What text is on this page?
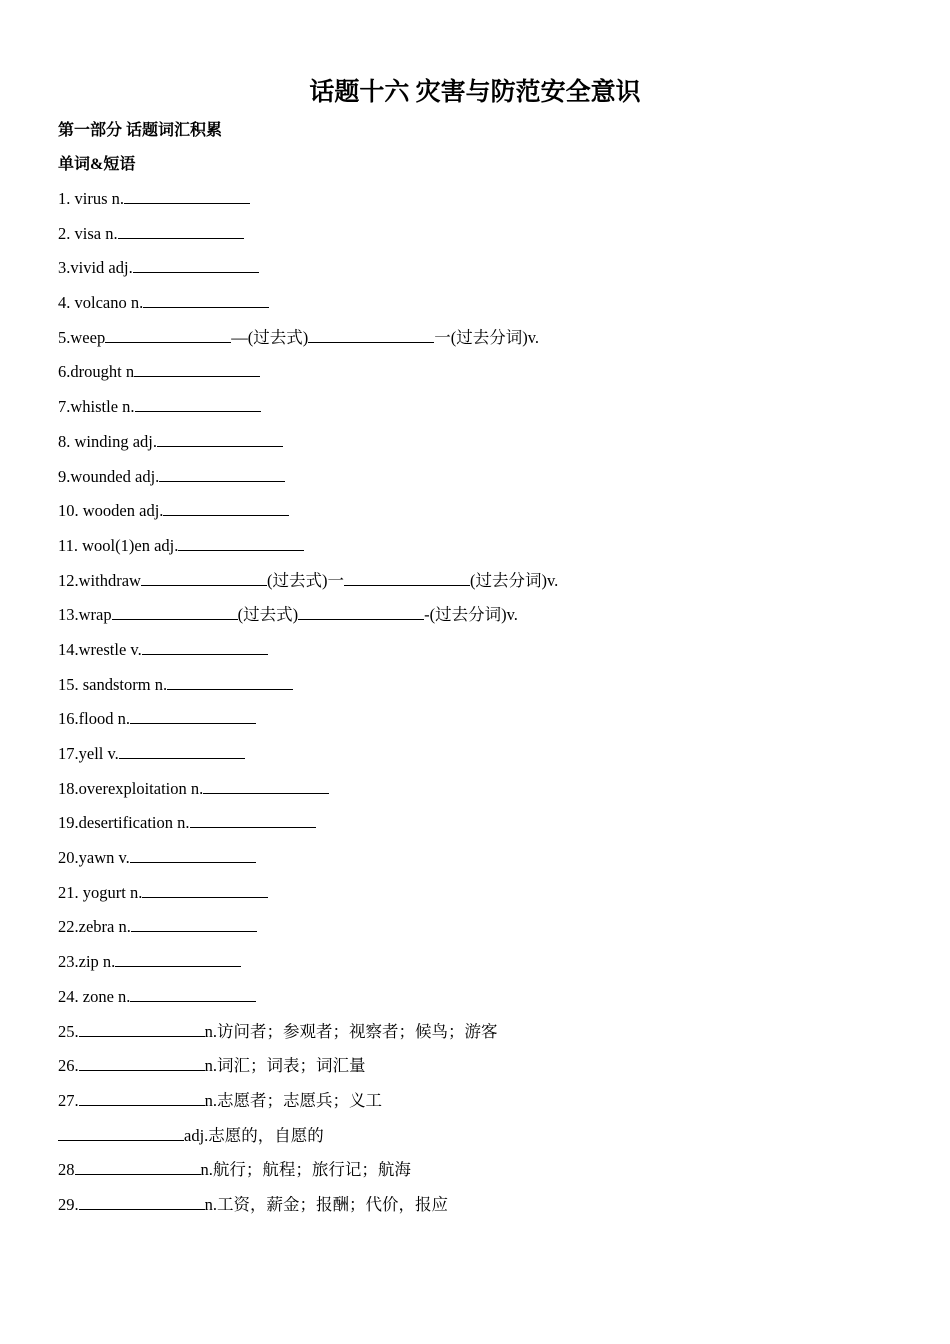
话题十六 灾害与防范安全意识
第一部分 话题词汇积累
单词&短语
1. virus n.
2. visa n.
3.vivid adj.
4. volcano n.
5.weep	—(过去式)	一(过去分词)v.
6.drought n
7.whistle n.
8. winding adj.
9.wounded adj.
10. wooden adj.
11. wool(1)en adj.
12.withdraw	(过去式)一	(过去分词)v.
13.wrap	(过去式)	-(过去分词)v.
14.wrestle v.
15. sandstorm n.
16.flood n.
17.yell v.
18.overexploitation n.
19.desertification n.
20.yawn v.
21. yogurt n.
22.zebra n.
23.zip n.
24. zone n.
25.	n.访问者；参观者；视察者；候鸟；游客
26.	n.词汇；词表；词汇量
27.	n.志愿者；志愿兵；义工
adj.志愿的，自愿的
28	n.航行；航程；旅行记；航海
29.	n.工资，薪金；报酬；代价，报应
